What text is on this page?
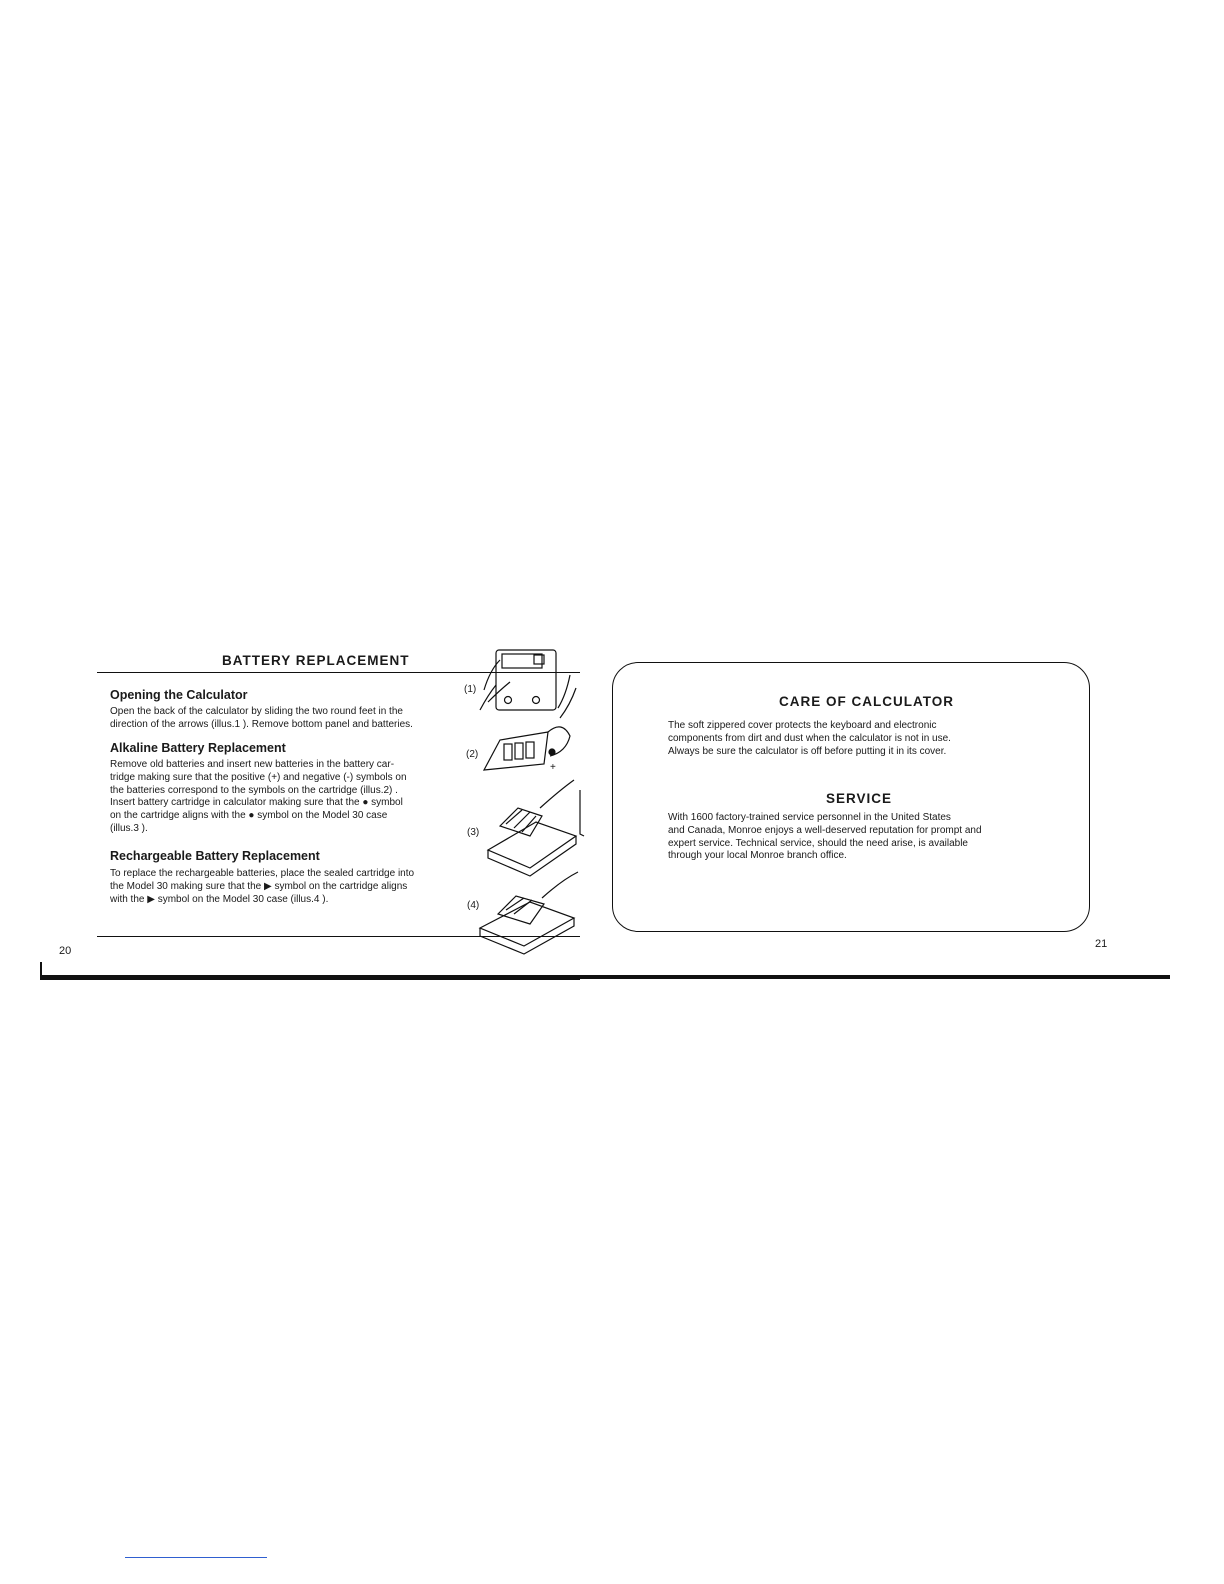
BATTERY REPLACEMENT
Opening the Calculator
Open the back of the calculator by sliding the two round feet in the
direction of the arrows (illus.1 ). Remove bottom panel and batteries.
Alkaline Battery Replacement
Remove old batteries and insert new batteries in the battery car-
tridge making sure that the positive (+) and negative (-) symbols on
the batteries correspond to the symbols on the cartridge (illus.2) .
Insert battery cartridge in calculator making sure that the ● symbol
on the cartridge aligns with the ● symbol on the Model 30 case
(illus.3 ).
Rechargeable Battery Replacement
To replace the rechargeable batteries, place the sealed cartridge into
the Model 30 making sure that the ▶ symbol on the cartridge aligns
with the ▶ symbol on the Model 30 case (illus.4 ).
(1)
(2)
(3)
(4)
+
20
CARE OF CALCULATOR
The soft zippered cover protects the keyboard and electronic
components from dirt and dust when the calculator is not in use.
Always be sure the calculator is off before putting it in its cover.
SERVICE
With 1600 factory-trained service personnel in the United States
and Canada, Monroe enjoys a well-deserved reputation for prompt and
expert service. Technical service, should the need arise, is available
through your local Monroe branch office.
21
